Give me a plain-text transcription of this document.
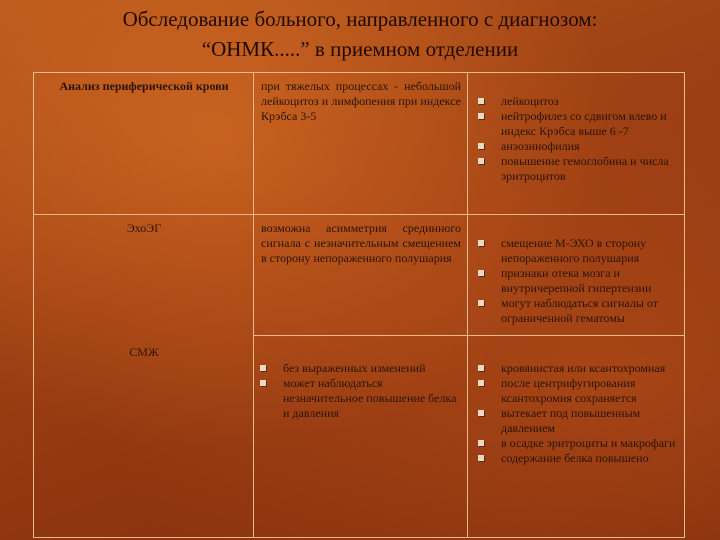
Обследование больного, направленного с диагнозом:
“ОНМК.....” в приемном отделении
Анализ периферической крови	при тяжелых процессах - небольшой лейкоцитоз и лимфопения при индексе Крэбса 3-5
лейкоцитоз
нейтрофилез со сдвигом влево и индекс Крэбса выше 6 -7
анэозинофилия
повышение гемоглобина и числа эритроцитов
ЭхоЭГ	возможна асимметрия срединного сигнала с незначительным смещением в сторону непораженного полушария
смещение М-ЭХО в сторону непораженного полушария
признаки отека мозга и внутричерепной гипертензии
могут наблюдаться сигналы от ограниченной гематомы
СМЖ
без выраженных изменений
может наблюдаться незначительное повышение белка и давления
кровянистая или ксантохромная
после центрифугирования ксантохромия сохраняется
вытекает под повышенным давлением
в осадке эритроциты и макрофаги
содержание белка повышено
